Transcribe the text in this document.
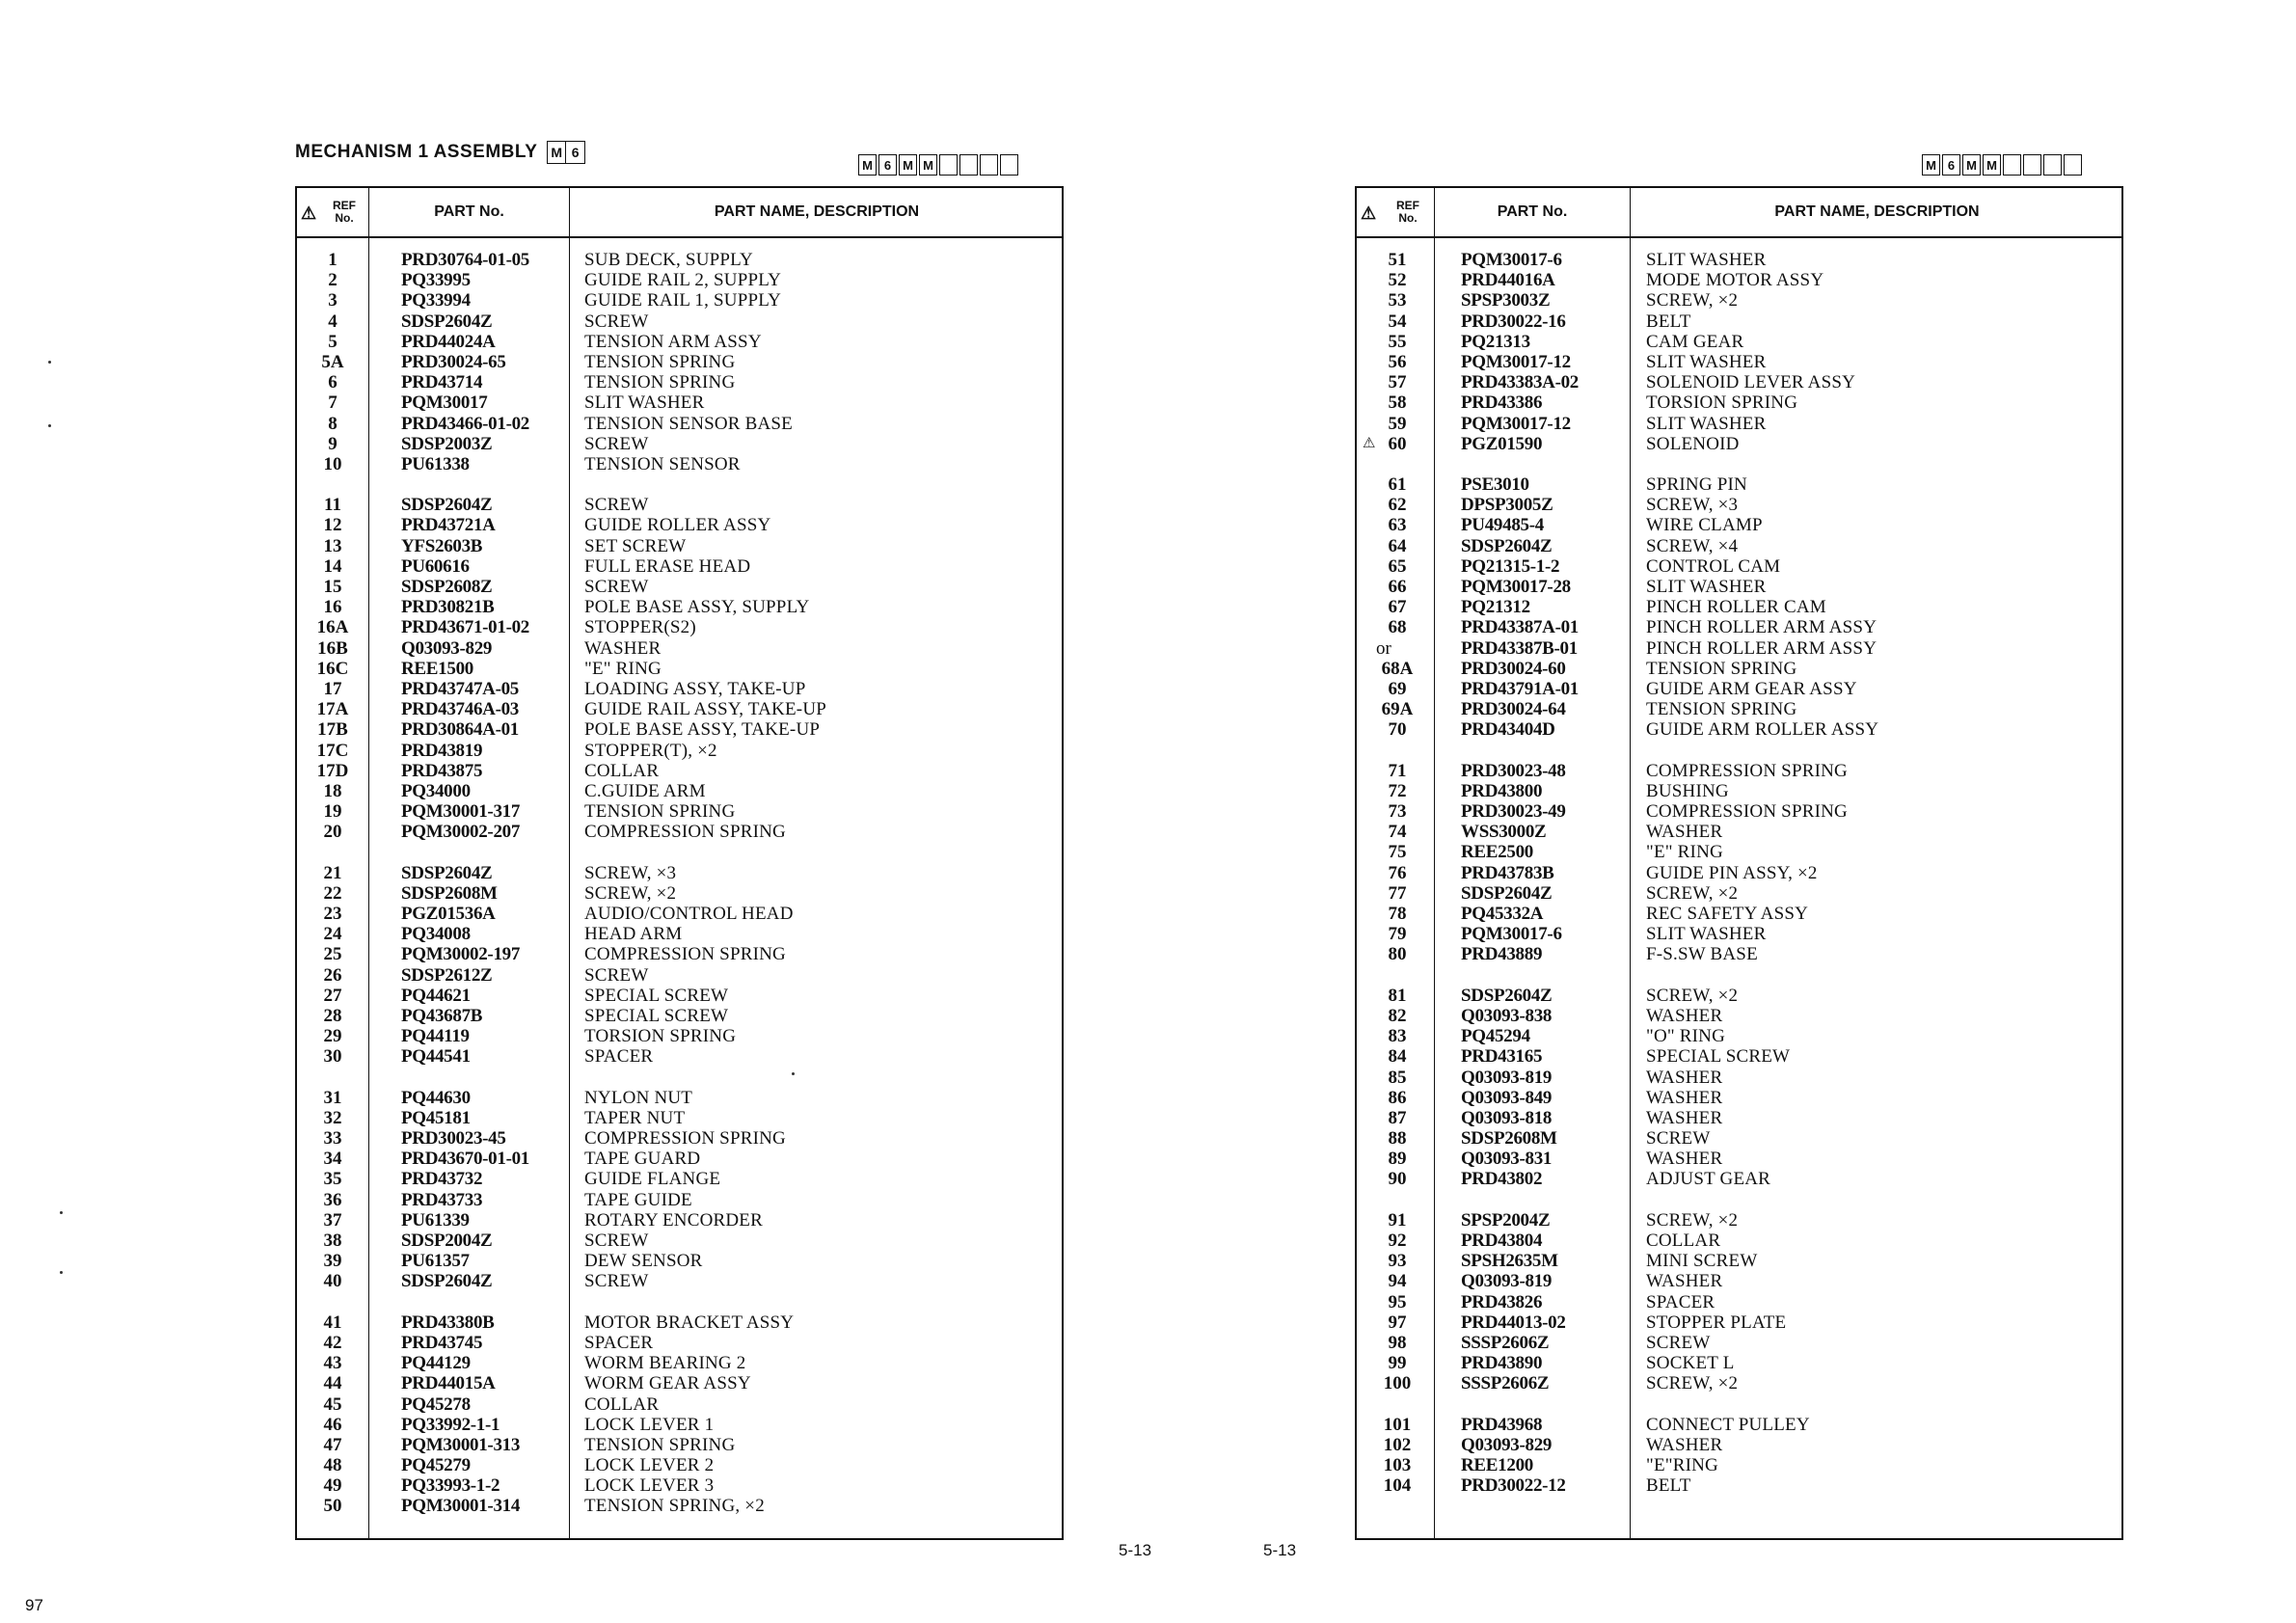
MECHANISM 1 ASSEMBLY M 6
M 6 M M	M 6 M M
⚠ REF
No.	PART No.	PART NAME, DESCRIPTION
1	PRD30764-01-05	SUB DECK, SUPPLY
2	PQ33995	GUIDE RAIL 2, SUPPLY
3	PQ33994	GUIDE RAIL 1, SUPPLY
4	SDSP2604Z	SCREW
5	PRD44024A	TENSION ARM ASSY
5A	PRD30024-65	TENSION SPRING
6	PRD43714	TENSION SPRING
7	PQM30017	SLIT WASHER
8	PRD43466-01-02	TENSION SENSOR BASE
9	SDSP2003Z	SCREW
10	PU61338	TENSION SENSOR
11	SDSP2604Z	SCREW
12	PRD43721A	GUIDE ROLLER ASSY
13	YFS2603B	SET SCREW
14	PU60616	FULL ERASE HEAD
15	SDSP2608Z	SCREW
16	PRD30821B	POLE BASE ASSY, SUPPLY
16A	PRD43671-01-02	STOPPER(S2)
16B	Q03093-829	WASHER
16C	REE1500	"E" RING
17	PRD43747A-05	LOADING ASSY, TAKE-UP
17A	PRD43746A-03	GUIDE RAIL ASSY, TAKE-UP
17B	PRD30864A-01	POLE BASE ASSY, TAKE-UP
17C	PRD43819	STOPPER(T), ×2
17D	PRD43875	COLLAR
18	PQ34000	C.GUIDE ARM
19	PQM30001-317	TENSION SPRING
20	PQM30002-207	COMPRESSION SPRING
21	SDSP2604Z	SCREW, ×3
22	SDSP2608M	SCREW, ×2
23	PGZ01536A	AUDIO/CONTROL HEAD
24	PQ34008	HEAD ARM
25	PQM30002-197	COMPRESSION SPRING
26	SDSP2612Z	SCREW
27	PQ44621	SPECIAL SCREW
28	PQ43687B	SPECIAL SCREW
29	PQ44119	TORSION SPRING
30	PQ44541	SPACER
31	PQ44630	NYLON NUT
32	PQ45181	TAPER NUT
33	PRD30023-45	COMPRESSION SPRING
34	PRD43670-01-01	TAPE GUARD
35	PRD43732	GUIDE FLANGE
36	PRD43733	TAPE GUIDE
37	PU61339	ROTARY ENCORDER
38	SDSP2004Z	SCREW
39	PU61357	DEW SENSOR
40	SDSP2604Z	SCREW
41	PRD43380B	MOTOR BRACKET ASSY
42	PRD43745	SPACER
43	PQ44129	WORM BEARING 2
44	PRD44015A	WORM GEAR ASSY
45	PQ45278	COLLAR
46	PQ33992-1-1	LOCK LEVER 1
47	PQM30001-313	TENSION SPRING
48	PQ45279	LOCK LEVER 2
49	PQ33993-1-2	LOCK LEVER 3
50	PQM30001-314	TENSION SPRING, ×2
⚠ REF
No.	PART No.	PART NAME, DESCRIPTION
51	PQM30017-6	SLIT WASHER
52	PRD44016A	MODE MOTOR ASSY
53	SPSP3003Z	SCREW, ×2
54	PRD30022-16	BELT
55	PQ21313	CAM GEAR
56	PQM30017-12	SLIT WASHER
57	PRD43383A-02	SOLENOID LEVER ASSY
58	PRD43386	TORSION SPRING
59	PQM30017-12	SLIT WASHER
⚠ 60	PGZ01590	SOLENOID
61	PSE3010	SPRING PIN
62	DPSP3005Z	SCREW, ×3
63	PU49485-4	WIRE CLAMP
64	SDSP2604Z	SCREW, ×4
65	PQ21315-1-2	CONTROL CAM
66	PQM30017-28	SLIT WASHER
67	PQ21312	PINCH ROLLER CAM
68	PRD43387A-01	PINCH ROLLER ARM ASSY
or	PRD43387B-01	PINCH ROLLER ARM ASSY
68A	PRD30024-60	TENSION SPRING
69	PRD43791A-01	GUIDE ARM GEAR ASSY
69A	PRD30024-64	TENSION SPRING
70	PRD43404D	GUIDE ARM ROLLER ASSY
71	PRD30023-48	COMPRESSION SPRING
72	PRD43800	BUSHING
73	PRD30023-49	COMPRESSION SPRING
74	WSS3000Z	WASHER
75	REE2500	"E" RING
76	PRD43783B	GUIDE PIN ASSY, ×2
77	SDSP2604Z	SCREW, ×2
78	PQ45332A	REC SAFETY ASSY
79	PQM30017-6	SLIT WASHER
80	PRD43889	F-S.SW BASE
81	SDSP2604Z	SCREW, ×2
82	Q03093-838	WASHER
83	PQ45294	"O" RING
84	PRD43165	SPECIAL SCREW
85	Q03093-819	WASHER
86	Q03093-849	WASHER
87	Q03093-818	WASHER
88	SDSP2608M	SCREW
89	Q03093-831	WASHER
90	PRD43802	ADJUST GEAR
91	SPSP2004Z	SCREW, ×2
92	PRD43804	COLLAR
93	SPSH2635M	MINI SCREW
94	Q03093-819	WASHER
95	PRD43826	SPACER
97	PRD44013-02	STOPPER PLATE
98	SSSP2606Z	SCREW
99	PRD43890	SOCKET L
100	SSSP2606Z	SCREW, ×2
101	PRD43968	CONNECT PULLEY
102	Q03093-829	WASHER
103	REE1200	"E"RING
104	PRD30022-12	BELT
5-13	5-13
97
